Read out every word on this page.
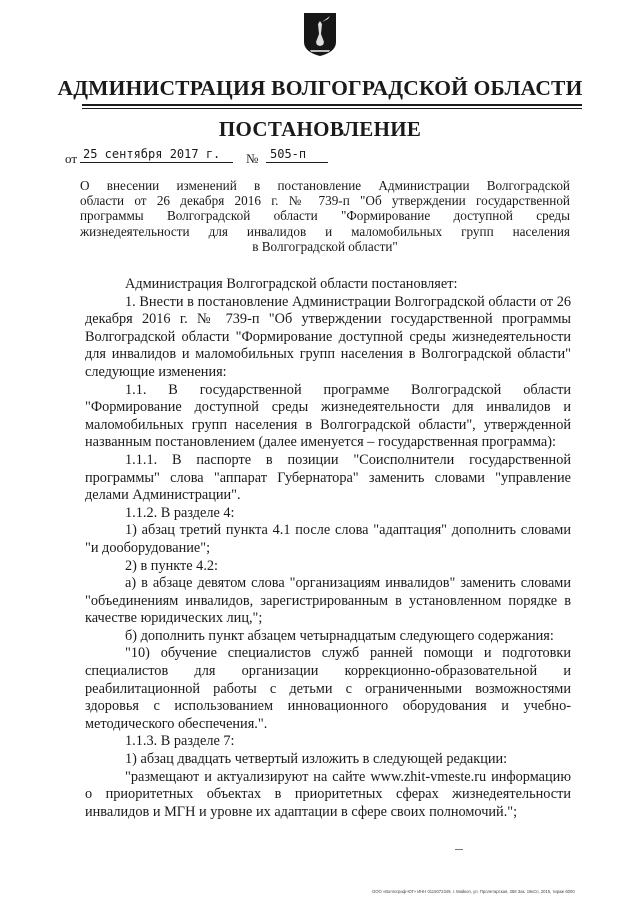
АДМИНИСТРАЦИЯ ВОЛГОГРАДСКОЙ ОБЛАСТИ
ПОСТАНОВЛЕНИЕ
от 25 сентября 2017 г.	№ 505-п
О внесении изменений в постановление Администрации Волгоградской
области от 26 декабря 2016 г. № 739-п "Об утверждении государственной
программы Волгоградской области "Формирование доступной среды
жизнедеятельности для инвалидов и маломобильных групп населения
в Волгоградской области"
Администрация Волгоградской области постановляет:
1. Внести в постановление Администрации Волгоградской области от 26 декабря 2016 г. № 739-п "Об утверждении государственной программы Волгоградской области "Формирование доступной среды жизнедеятельности для инвалидов и маломобильных групп населения в Волгоградской области" следующие изменения:
1.1. В государственной программе Волгоградской области "Формирование доступной среды жизнедеятельности для инвалидов и маломобильных групп населения в Волгоградской области", утвержденной названным постановлением (далее именуется – государственная программа):
1.1.1. В паспорте в позиции "Соисполнители государственной программы" слова "аппарат Губернатора" заменить словами "управление делами Администрации".
1.1.2. В разделе 4:
1) абзац третий пункта 4.1 после слова "адаптация" дополнить словами "и дооборудование";
2) в пункте 4.2:
а) в абзаце девятом слова "организациям инвалидов" заменить словами "объединениям инвалидов, зарегистрированным в установленном порядке в качестве юридических лиц,";
б) дополнить пункт абзацем четырнадцатым следующего содержания:
"10) обучение специалистов служб ранней помощи и подготовки специалистов для организации коррекционно-образовательной и реабилитационной работы с детьми с ограниченными возможностями здоровья с использованием инновационного оборудования и учебно-методического обеспечения.".
1.1.3. В разделе 7:
1) абзац двадцать четвертый изложить в следующей редакции:
"размещают и актуализируют на сайте www.zhit-vmeste.ru информацию о приоритетных объектах в приоритетных сферах жизнедеятельности инвалидов и МГН и уровне их адаптации в сфере своих полномочий.";
ООО «Волгограф-ЮГ» ИНН 0115072349, г. Майкоп, ул. Пролетарская, 368 Зак. 19кСп, 2015, тираж 6000
